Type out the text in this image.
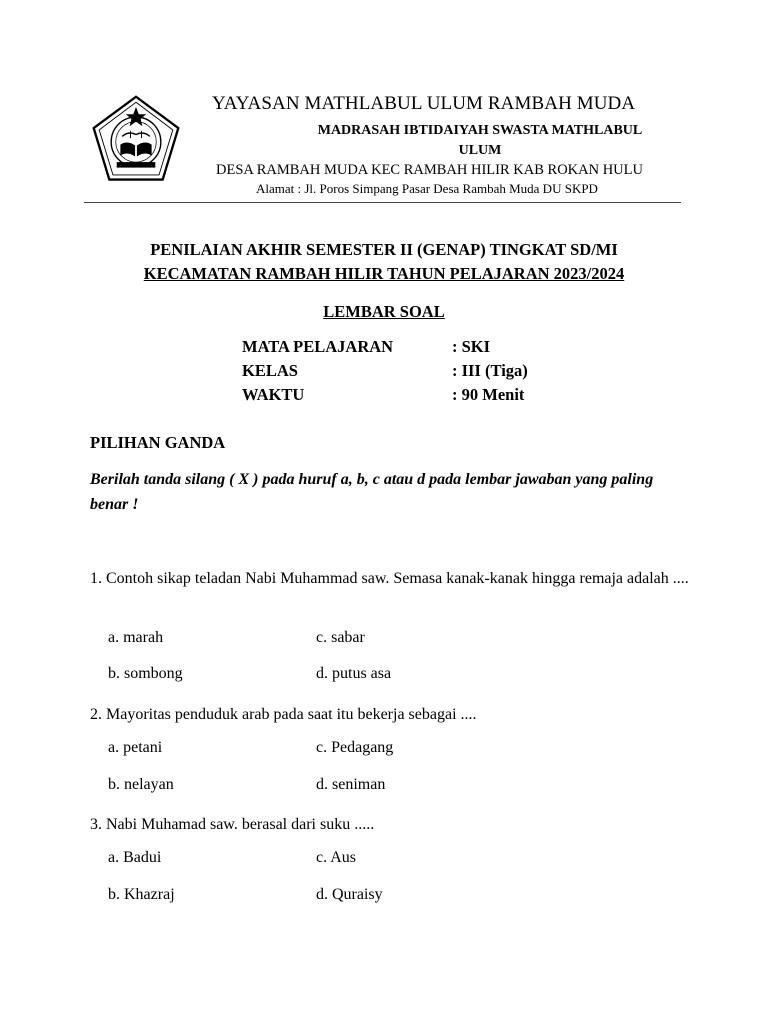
YAYASAN MATHLABUL ULUM RAMBAH MUDA
MADRASAH IBTIDAIYAH SWASTA MATHLABUL ULUM
DESA RAMBAH MUDA KEC RAMBAH HILIR KAB ROKAN HULU
Alamat : Jl. Poros Simpang Pasar Desa Rambah Muda DU SKPD
PENILAIAN AKHIR SEMESTER II (GENAP) TINGKAT SD/MI
KECAMATAN RAMBAH HILIR TAHUN PELAJARAN 2023/2024
LEMBAR SOAL
MATA PELAJARAN	: SKI
KELAS	: III (Tiga)
WAKTU	: 90 Menit
PILIHAN GANDA
Berilah tanda silang ( X ) pada huruf a, b, c atau d pada lembar jawaban yang paling benar !
1. Contoh sikap teladan Nabi Muhammad saw. Semasa kanak-kanak hingga remaja adalah ....
a. marah	c. sabar
b. sombong	d. putus asa
2. Mayoritas penduduk arab pada saat itu bekerja sebagai ....
a. petani	c. Pedagang
b. nelayan	d. seniman
3. Nabi Muhamad saw. berasal dari suku .....
a. Badui	c. Aus
b. Khazraj	d. Quraisy
